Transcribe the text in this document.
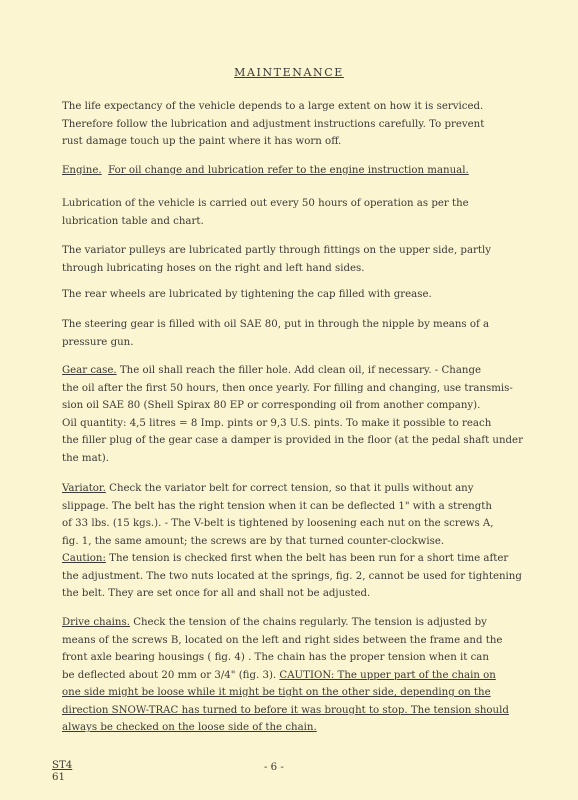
MAINTENANCE

The life expectancy of the vehicle depends to a large extent on how it is serviced.
Therefore follow the lubrication and adjustment instructions carefully. To prevent
rust damage touch up the paint where it has worn off.

Engine. For oil change and lubrication refer to the engine instruction manual.

Lubrication of the vehicle is carried out every 50 hours of operation as per the
lubrication table and chart.

The variator pulleys are lubricated partly through fittings on the upper side, partly
through lubricating hoses on the right and left hand sides.

The rear wheels are lubricated by tightening the cap filled with grease.

The steering gear is filled with oil SAE 80, put in through the nipple by means of a
pressure gun.

Gear case. The oil shall reach the filler hole. Add clean oil, if necessary. - Change
the oil after the first 50 hours, then once yearly. For filling and changing, use transmis-
sion oil SAE 80 (Shell Spirax 80 EP or corresponding oil from another company).
Oil quantity: 4,5 litres = 8 Imp. pints or 9,3 U.S. pints. To make it possible to reach
the filler plug of the gear case a damper is provided in the floor (at the pedal shaft under
the mat).

Variator. Check the variator belt for correct tension, so that it pulls without any
slippage. The belt has the right tension when it can be deflected 1" with a strength
of 33 lbs. (15 kgs.). - The V-belt is tightened by loosening each nut on the screws A,
fig. 1, the same amount; the screws are by that turned counter-clockwise.
Caution: The tension is checked first when the belt has been run for a short time after
the adjustment. The two nuts located at the springs, fig. 2, cannot be used for tightening
the belt. They are set once for all and shall not be adjusted.

Drive chains. Check the tension of the chains regularly. The tension is adjusted by
means of the screws B, located on the left and right sides between the frame and the
front axle bearing housings ( fig. 4) . The chain has the proper tension when it can
be deflected about 20 mm or 3/4" (fig. 3). CAUTION: The upper part of the chain on
one side might be loose while it might be tight on the other side, depending on the
direction SNOW-TRAC has turned to before it was brought to stop. The tension should
always be checked on the loose side of the chain.

ST4
61
- 6 -
